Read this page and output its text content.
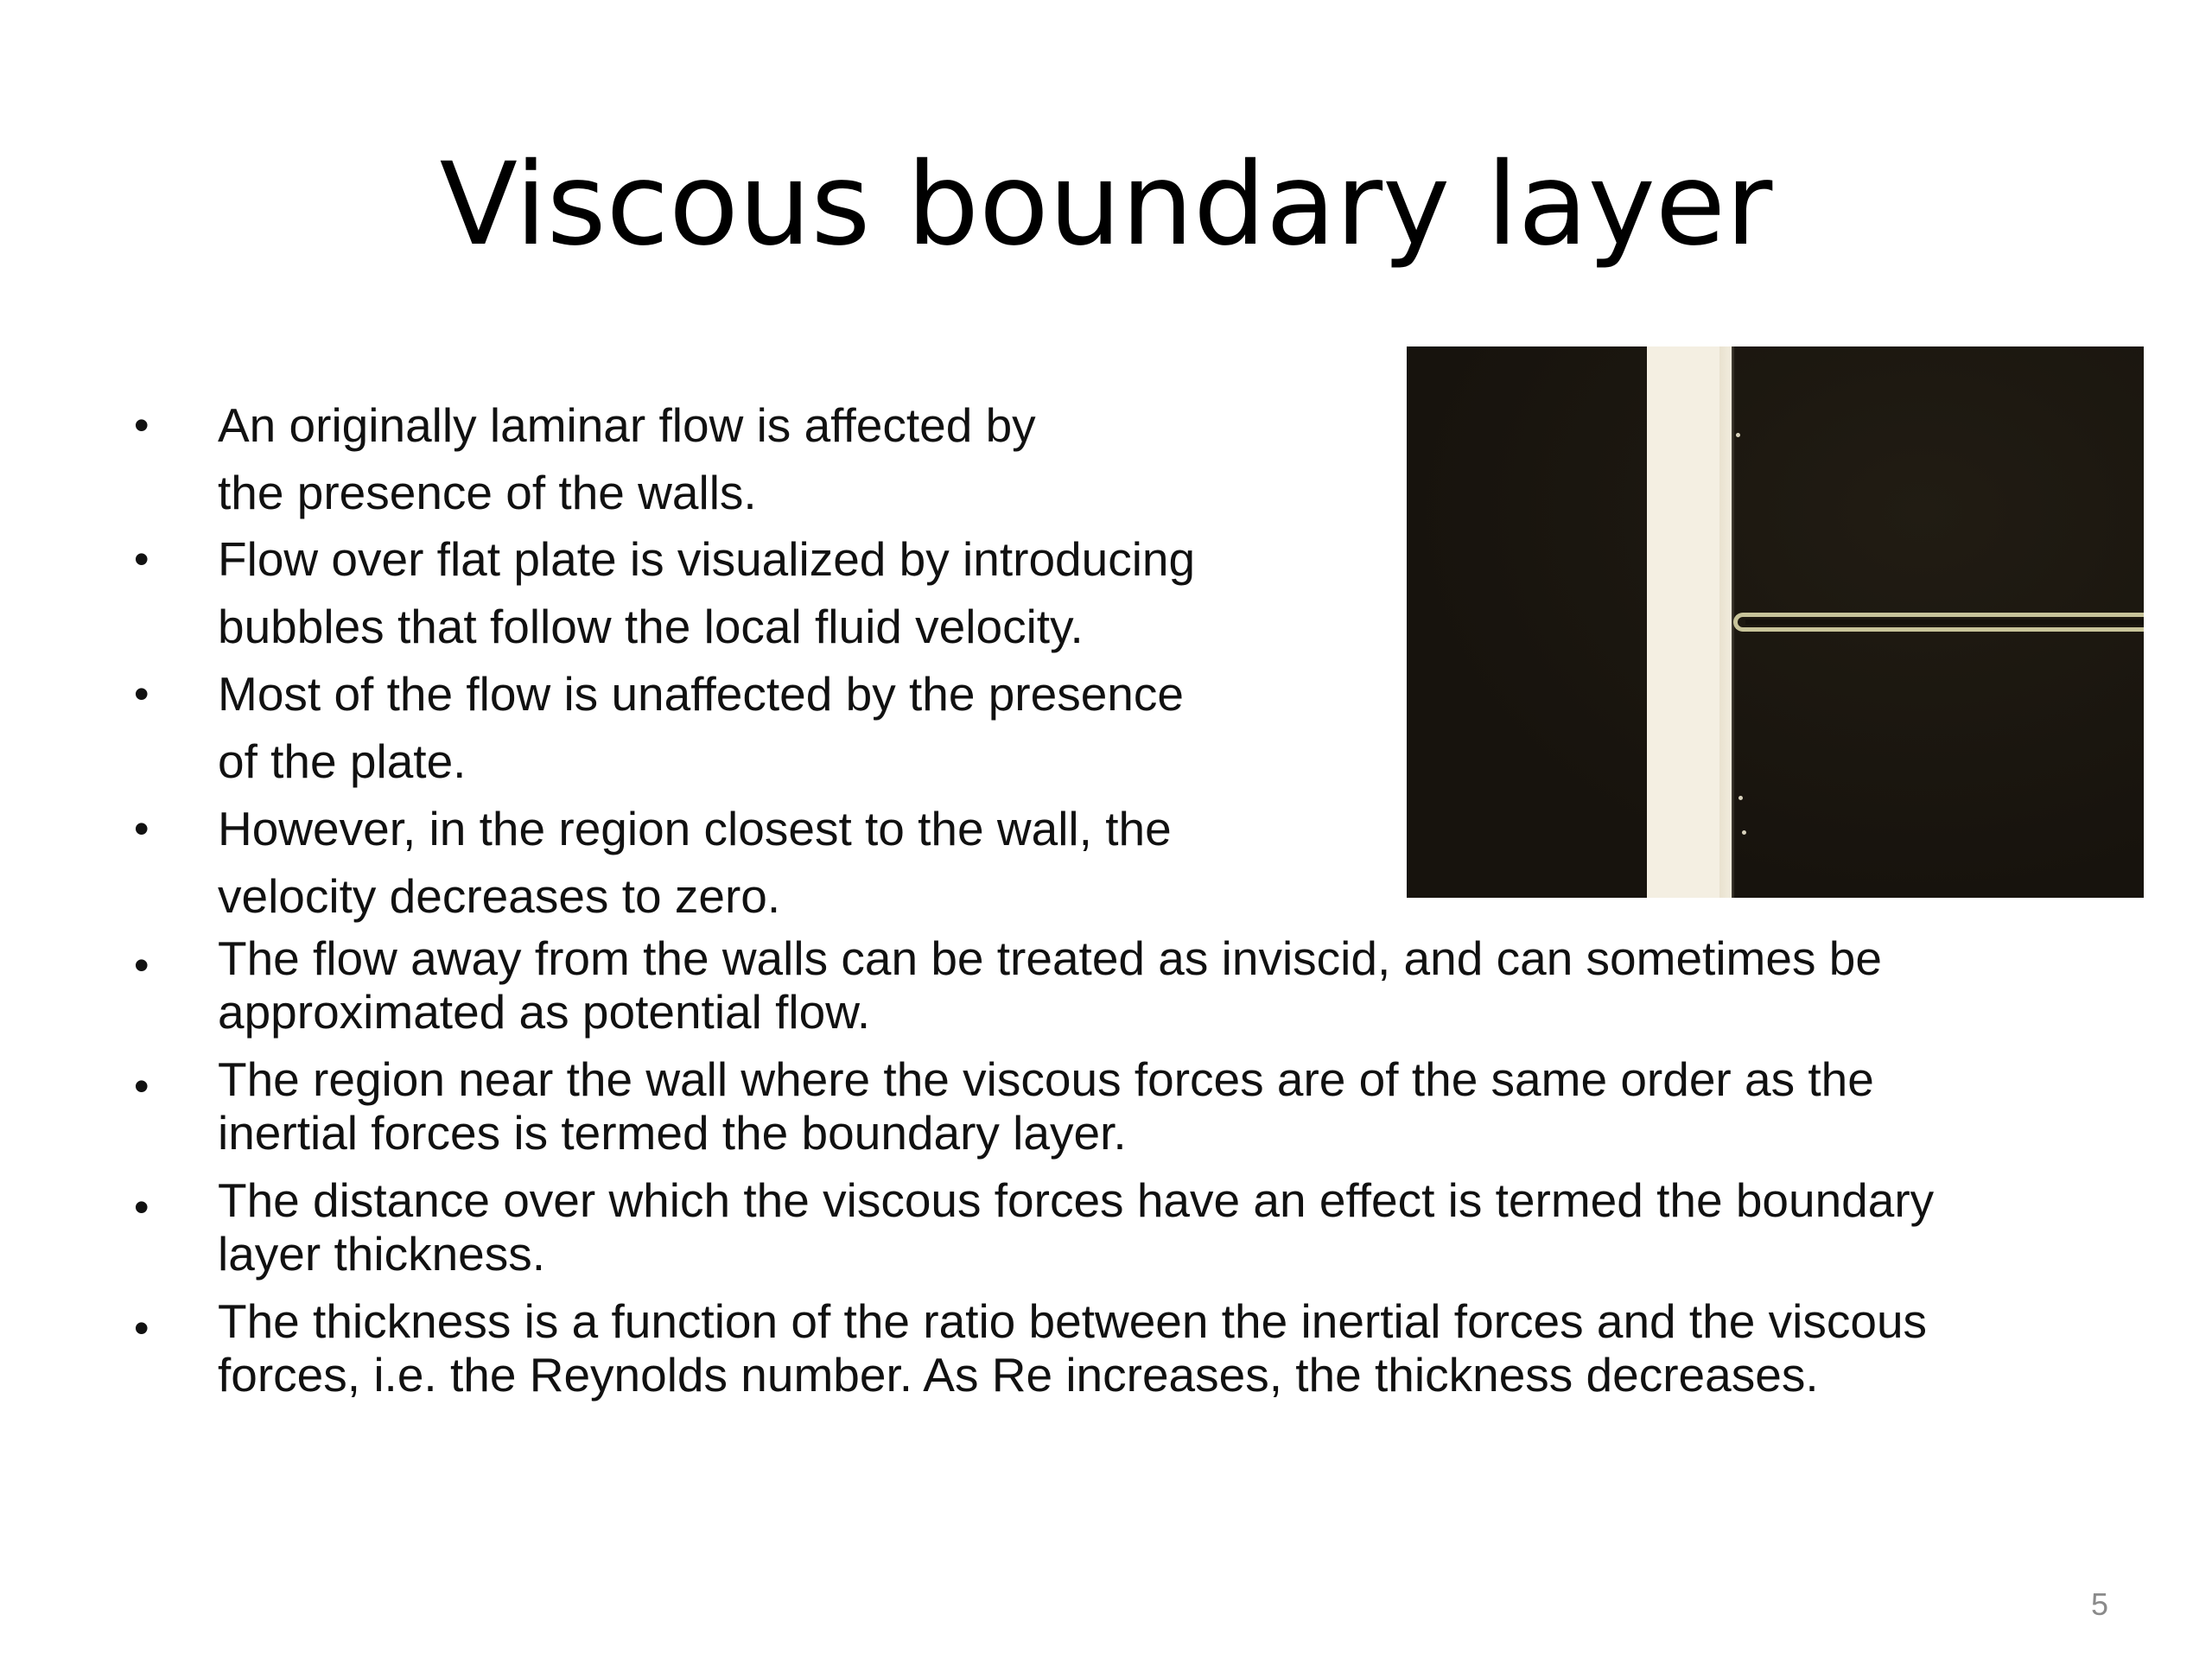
Viscous boundary layer
• An originally laminar flow is affected by
the presence of the walls.
• Flow over flat plate is visualized by introducing
bubbles that follow the local fluid velocity.
• Most of the flow is unaffected by the presence
of the plate.
• However, in the region closest to the wall, the
velocity decreases to zero.
• The flow away from the walls can be treated as inviscid, and can sometimes be
approximated as potential flow.
• The region near the wall where the viscous forces are of the same order as the
inertial forces is termed the boundary layer.
• The distance over which the viscous forces have an effect is termed the boundary
layer thickness.
• The thickness is a function of the ratio between the inertial forces and the viscous
forces, i.e. the Reynolds number. As Re increases, the thickness decreases.
5
